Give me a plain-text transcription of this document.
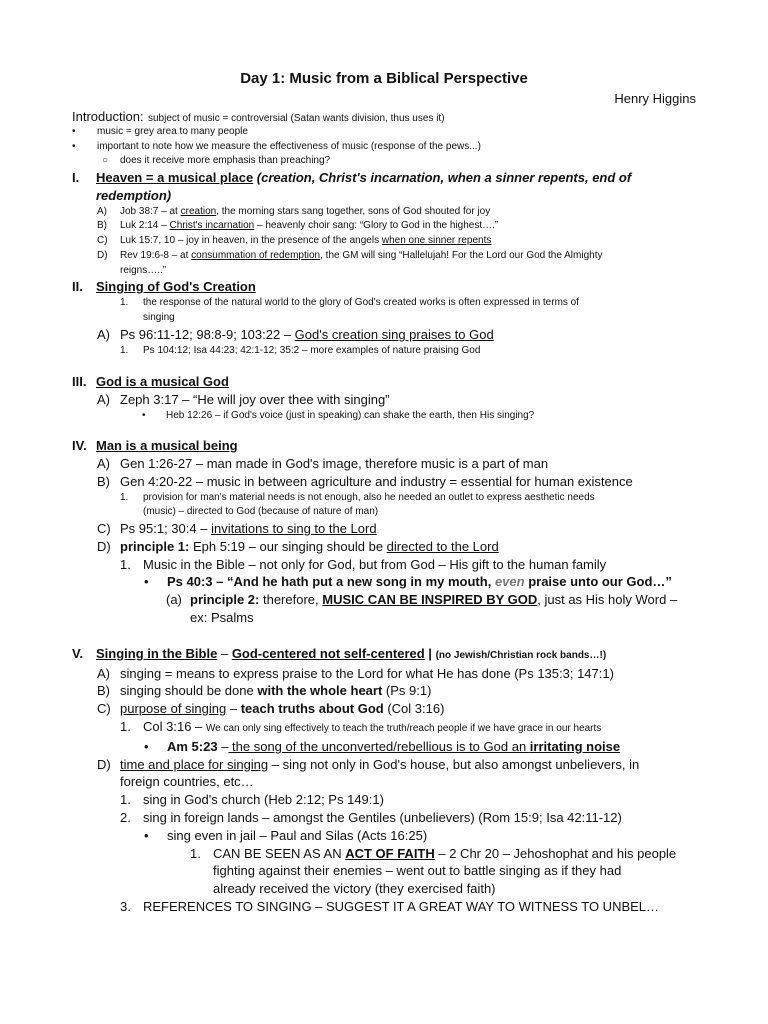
Day 1: Music from a Biblical Perspective
Henry Higgins
Introduction: subject of music = controversial (Satan wants division, thus uses it)
• music = grey area to many people
• important to note how we measure the effectiveness of music (response of the pews...)
○ does it receive more emphasis than preaching?
I. Heaven = a musical place (creation, Christ's incarnation, when a sinner repents, end of
redemption)
A) Job 38:7 – at creation, the morning stars sang together, sons of God shouted for joy
B) Luk 2:14 – Christ's incarnation – heavenly choir sang: “Glory to God in the highest….”
C) Luk 15:7, 10 – joy in heaven, in the presence of the angels when one sinner repents
D) Rev 19:6-8 – at consummation of redemption, the GM will sing “Hallelujah! For the Lord our God the Almighty
reigns…..”
II. Singing of God's Creation
1. the response of the natural world to the glory of God's created works is often expressed in terms of
singing
A) Ps 96:11-12; 98:8-9; 103:22 – God's creation sing praises to God
1. Ps 104:12; Isa 44:23; 42:1-12; 35:2 – more examples of nature praising God
III. God is a musical God
A) Zeph 3:17 – “He will joy over thee with singing”
• Heb 12:26 – if God's voice (just in speaking) can shake the earth, then His singing?
IV. Man is a musical being
A) Gen 1:26-27 – man made in God's image, therefore music is a part of man
B) Gen 4:20-22 – music in between agriculture and industry = essential for human existence
1. provision for man's material needs is not enough, also he needed an outlet to express aesthetic needs
(music) – directed to God (because of nature of man)
C) Ps 95:1; 30:4 – invitations to sing to the Lord
D) principle 1: Eph 5:19 – our singing should be directed to the Lord
1. Music in the Bible – not only for God, but from God – His gift to the human family
• Ps 40:3 – “And he hath put a new song in my mouth, even praise unto our God…”
(a) principle 2: therefore, MUSIC CAN BE INSPIRED BY GOD, just as His holy Word –
ex: Psalms
V. Singing in the Bible – God-centered not self-centered | (no Jewish/Christian rock bands…!)
A) singing = means to express praise to the Lord for what He has done (Ps 135:3; 147:1)
B) singing should be done with the whole heart (Ps 9:1)
C) purpose of singing – teach truths about God (Col 3:16)
1. Col 3:16 – We can only sing effectively to teach the truth/reach people if we have grace in our hearts
• Am 5:23 – the song of the unconverted/rebellious is to God an irritating noise
D) time and place for singing – sing not only in God's house, but also amongst unbelievers, in
foreign countries, etc…
1. sing in God's church (Heb 2:12; Ps 149:1)
2. sing in foreign lands – amongst the Gentiles (unbelievers) (Rom 15:9; Isa 42:11-12)
• sing even in jail – Paul and Silas (Acts 16:25)
1. CAN BE SEEN AS AN ACT OF FAITH – 2 Chr 20 – Jehoshophat and his people
fighting against their enemies – went out to battle singing as if they had
already received the victory (they exercised faith)
3. REFERENCES TO SINGING – SUGGEST IT A GREAT WAY TO WITNESS TO UNBEL…
